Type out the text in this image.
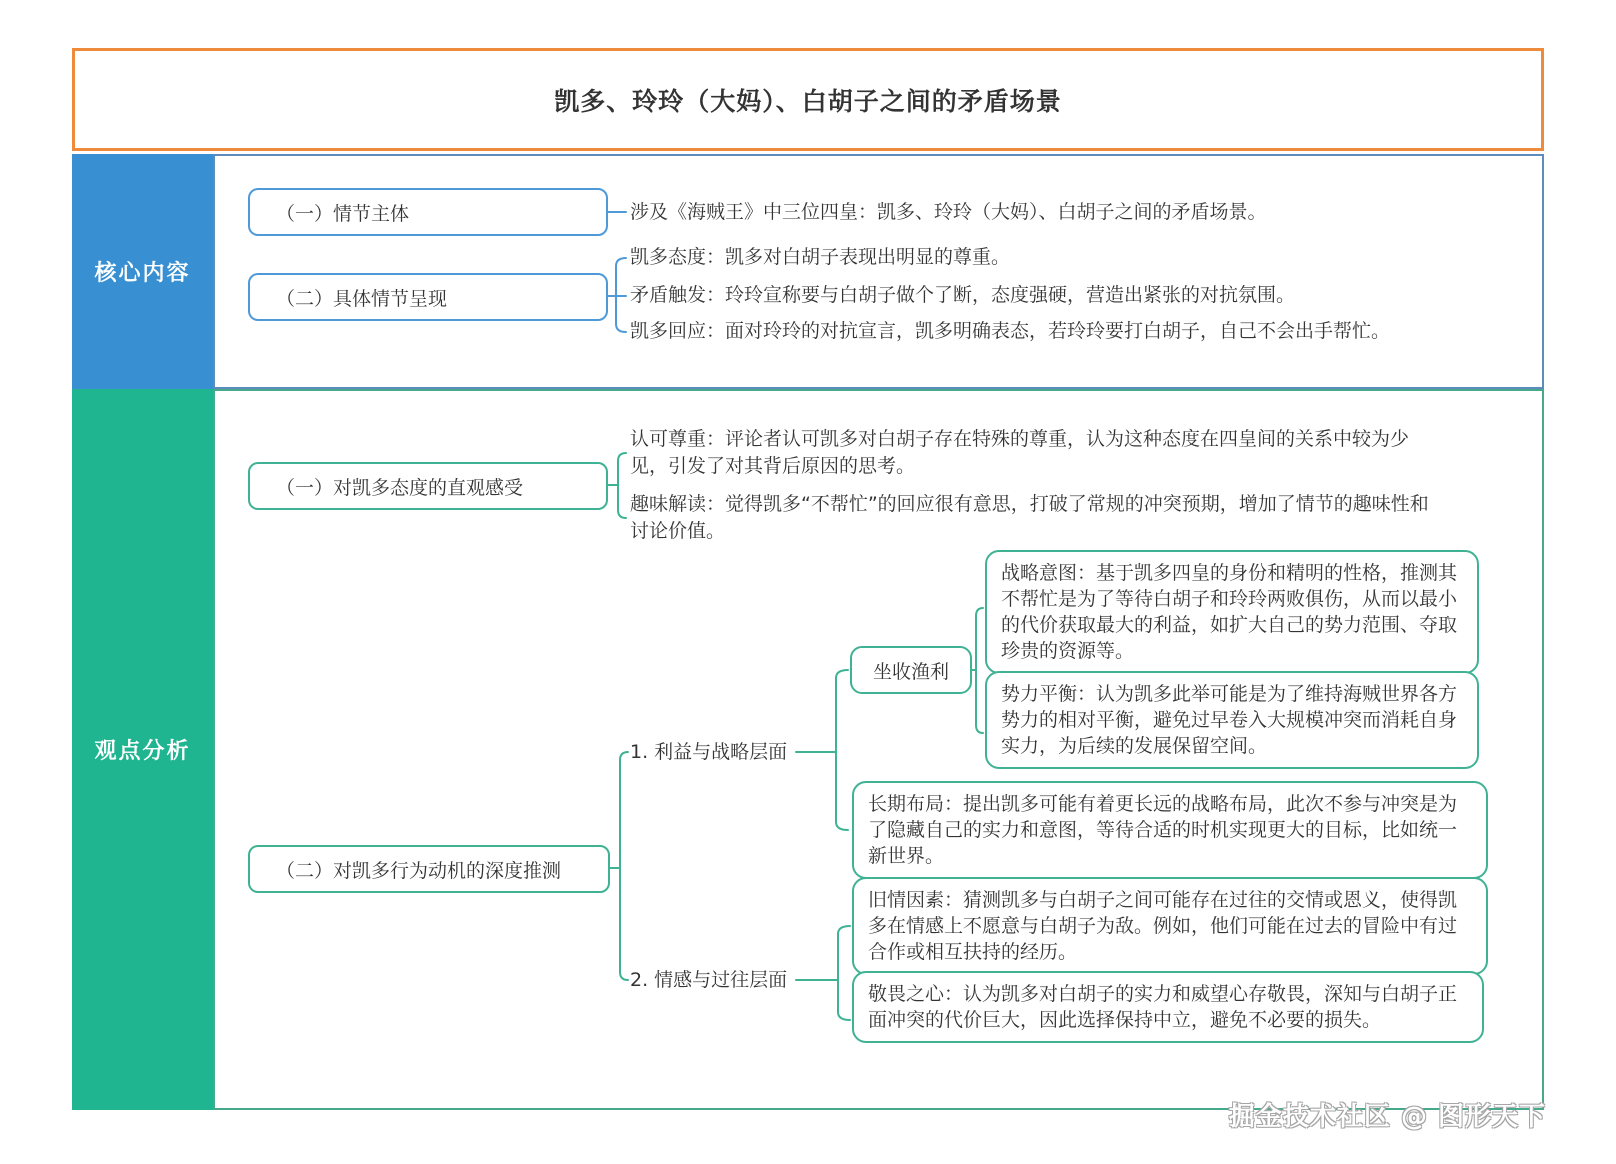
核心内容
观点分析
凯多、玲玲（大妈）、白胡子之间的矛盾场景
（一）情节主体	涉及《海贼王》中三位四皇：凯多、玲玲（大妈）、白胡子之间的矛盾场景。
（二）具体情节呈现
凯多态度：凯多对白胡子表现出明显的尊重。
矛盾触发：玲玲宣称要与白胡子做个了断，态度强硬，营造出紧张的对抗氛围。
凯多回应：面对玲玲的对抗宣言，凯多明确表态，若玲玲要打白胡子，自己不会出手帮忙。
（一）对凯多态度的直观感受
认可尊重：评论者认可凯多对白胡子存在特殊的尊重，认为这种态度在四皇间的关系中较为少见，引发了对其背后原因的思考。
趣味解读：觉得凯多“不帮忙”的回应很有意思，打破了常规的冲突预期，增加了情节的趣味性和讨论价值。
（二）对凯多行为动机的深度推测
1. 利益与战略层面
2. 情感与过往层面
坐收渔利
战略意图：基于凯多四皇的身份和精明的性格，推测其不帮忙是为了等待白胡子和玲玲两败俱伤，从而以最小的代价获取最大的利益，如扩大自己的势力范围、夺取珍贵的资源等。
势力平衡：认为凯多此举可能是为了维持海贼世界各方势力的相对平衡，避免过早卷入大规模冲突而消耗自身实力，为后续的发展保留空间。
长期布局：提出凯多可能有着更长远的战略布局，此次不参与冲突是为了隐藏自己的实力和意图，等待合适的时机实现更大的目标，比如统一新世界。
旧情因素：猜测凯多与白胡子之间可能存在过往的交情或恩义，使得凯多在情感上不愿意与白胡子为敌。例如，他们可能在过去的冒险中有过合作或相互扶持的经历。
敬畏之心：认为凯多对白胡子的实力和威望心存敬畏，深知与白胡子正面冲突的代价巨大，因此选择保持中立，避免不必要的损失。
掘金技术社区 @ 图形天下
